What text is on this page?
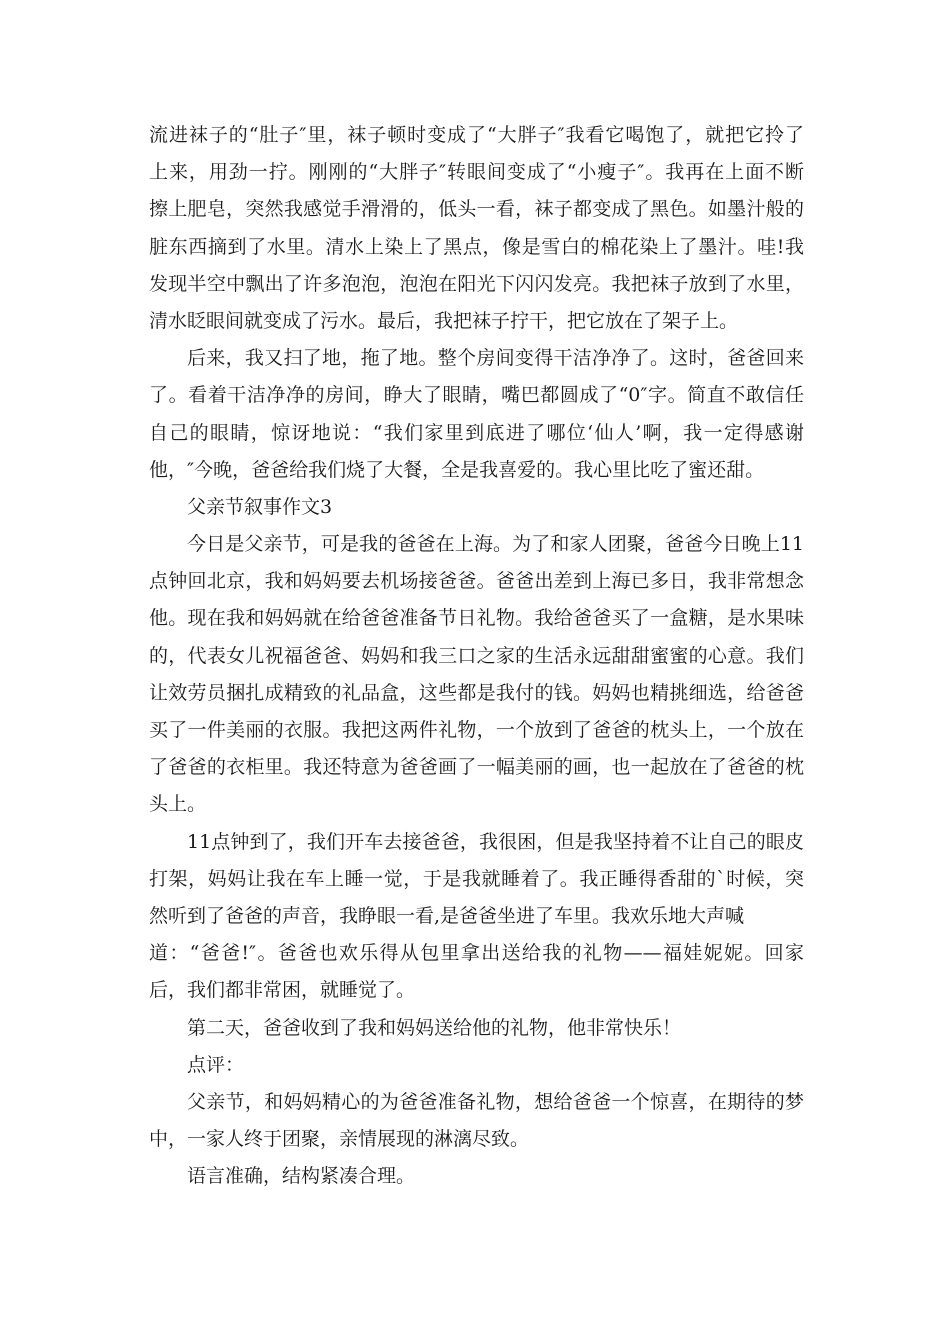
流进袜子的“肚子″里，袜子顿时变成了“大胖子″我看它喝饱了，就把它拎了
上来，用劲一拧。刚刚的“大胖子″转眼间变成了“小瘦子″。我再在上面不断
擦上肥皂，突然我感觉手滑滑的，低头一看，袜子都变成了黑色。如墨汁般的
脏东西摘到了水里。清水上染上了黑点，像是雪白的棉花染上了墨汁。哇!我
发现半空中飘出了许多泡泡，泡泡在阳光下闪闪发亮。我把袜子放到了水里，
清水眨眼间就变成了污水。最后，我把袜子拧干，把它放在了架子上。
后来，我又扫了地，拖了地。整个房间变得干洁净净了。这时，爸爸回来
了。看着干洁净净的房间，睁大了眼睛，嘴巴都圆成了“0″字。简直不敢信任
自己的眼睛，惊讶地说：“我们家里到底进了哪位‘仙人’啊，我一定得感谢
他，″今晚，爸爸给我们烧了大餐，全是我喜爱的。我心里比吃了蜜还甜。
父亲节叙事作文3
今日是父亲节，可是我的爸爸在上海。为了和家人团聚，爸爸今日晚上11
点钟回北京，我和妈妈要去机场接爸爸。爸爸出差到上海已多日，我非常想念
他。现在我和妈妈就在给爸爸准备节日礼物。我给爸爸买了一盒糖，是水果味
的，代表女儿祝福爸爸、妈妈和我三口之家的生活永远甜甜蜜蜜的心意。我们
让效劳员捆扎成精致的礼品盒，这些都是我付的钱。妈妈也精挑细选，给爸爸
买了一件美丽的衣服。我把这两件礼物，一个放到了爸爸的枕头上，一个放在
了爸爸的衣柜里。我还特意为爸爸画了一幅美丽的画，也一起放在了爸爸的枕
头上。
11点钟到了，我们开车去接爸爸，我很困，但是我坚持着不让自己的眼皮
打架，妈妈让我在车上睡一觉，于是我就睡着了。我正睡得香甜的`时候，突
然听到了爸爸的声音，我睁眼一看,是爸爸坐进了车里。我欢乐地大声喊
道：“爸爸!″。爸爸也欢乐得从包里拿出送给我的礼物——福娃妮妮。回家
后，我们都非常困，就睡觉了。
第二天，爸爸收到了我和妈妈送给他的礼物，他非常快乐！
点评：
父亲节，和妈妈精心的为爸爸准备礼物，想给爸爸一个惊喜，在期待的梦
中，一家人终于团聚，亲情展现的淋漓尽致。
语言准确，结构紧凑合理。
